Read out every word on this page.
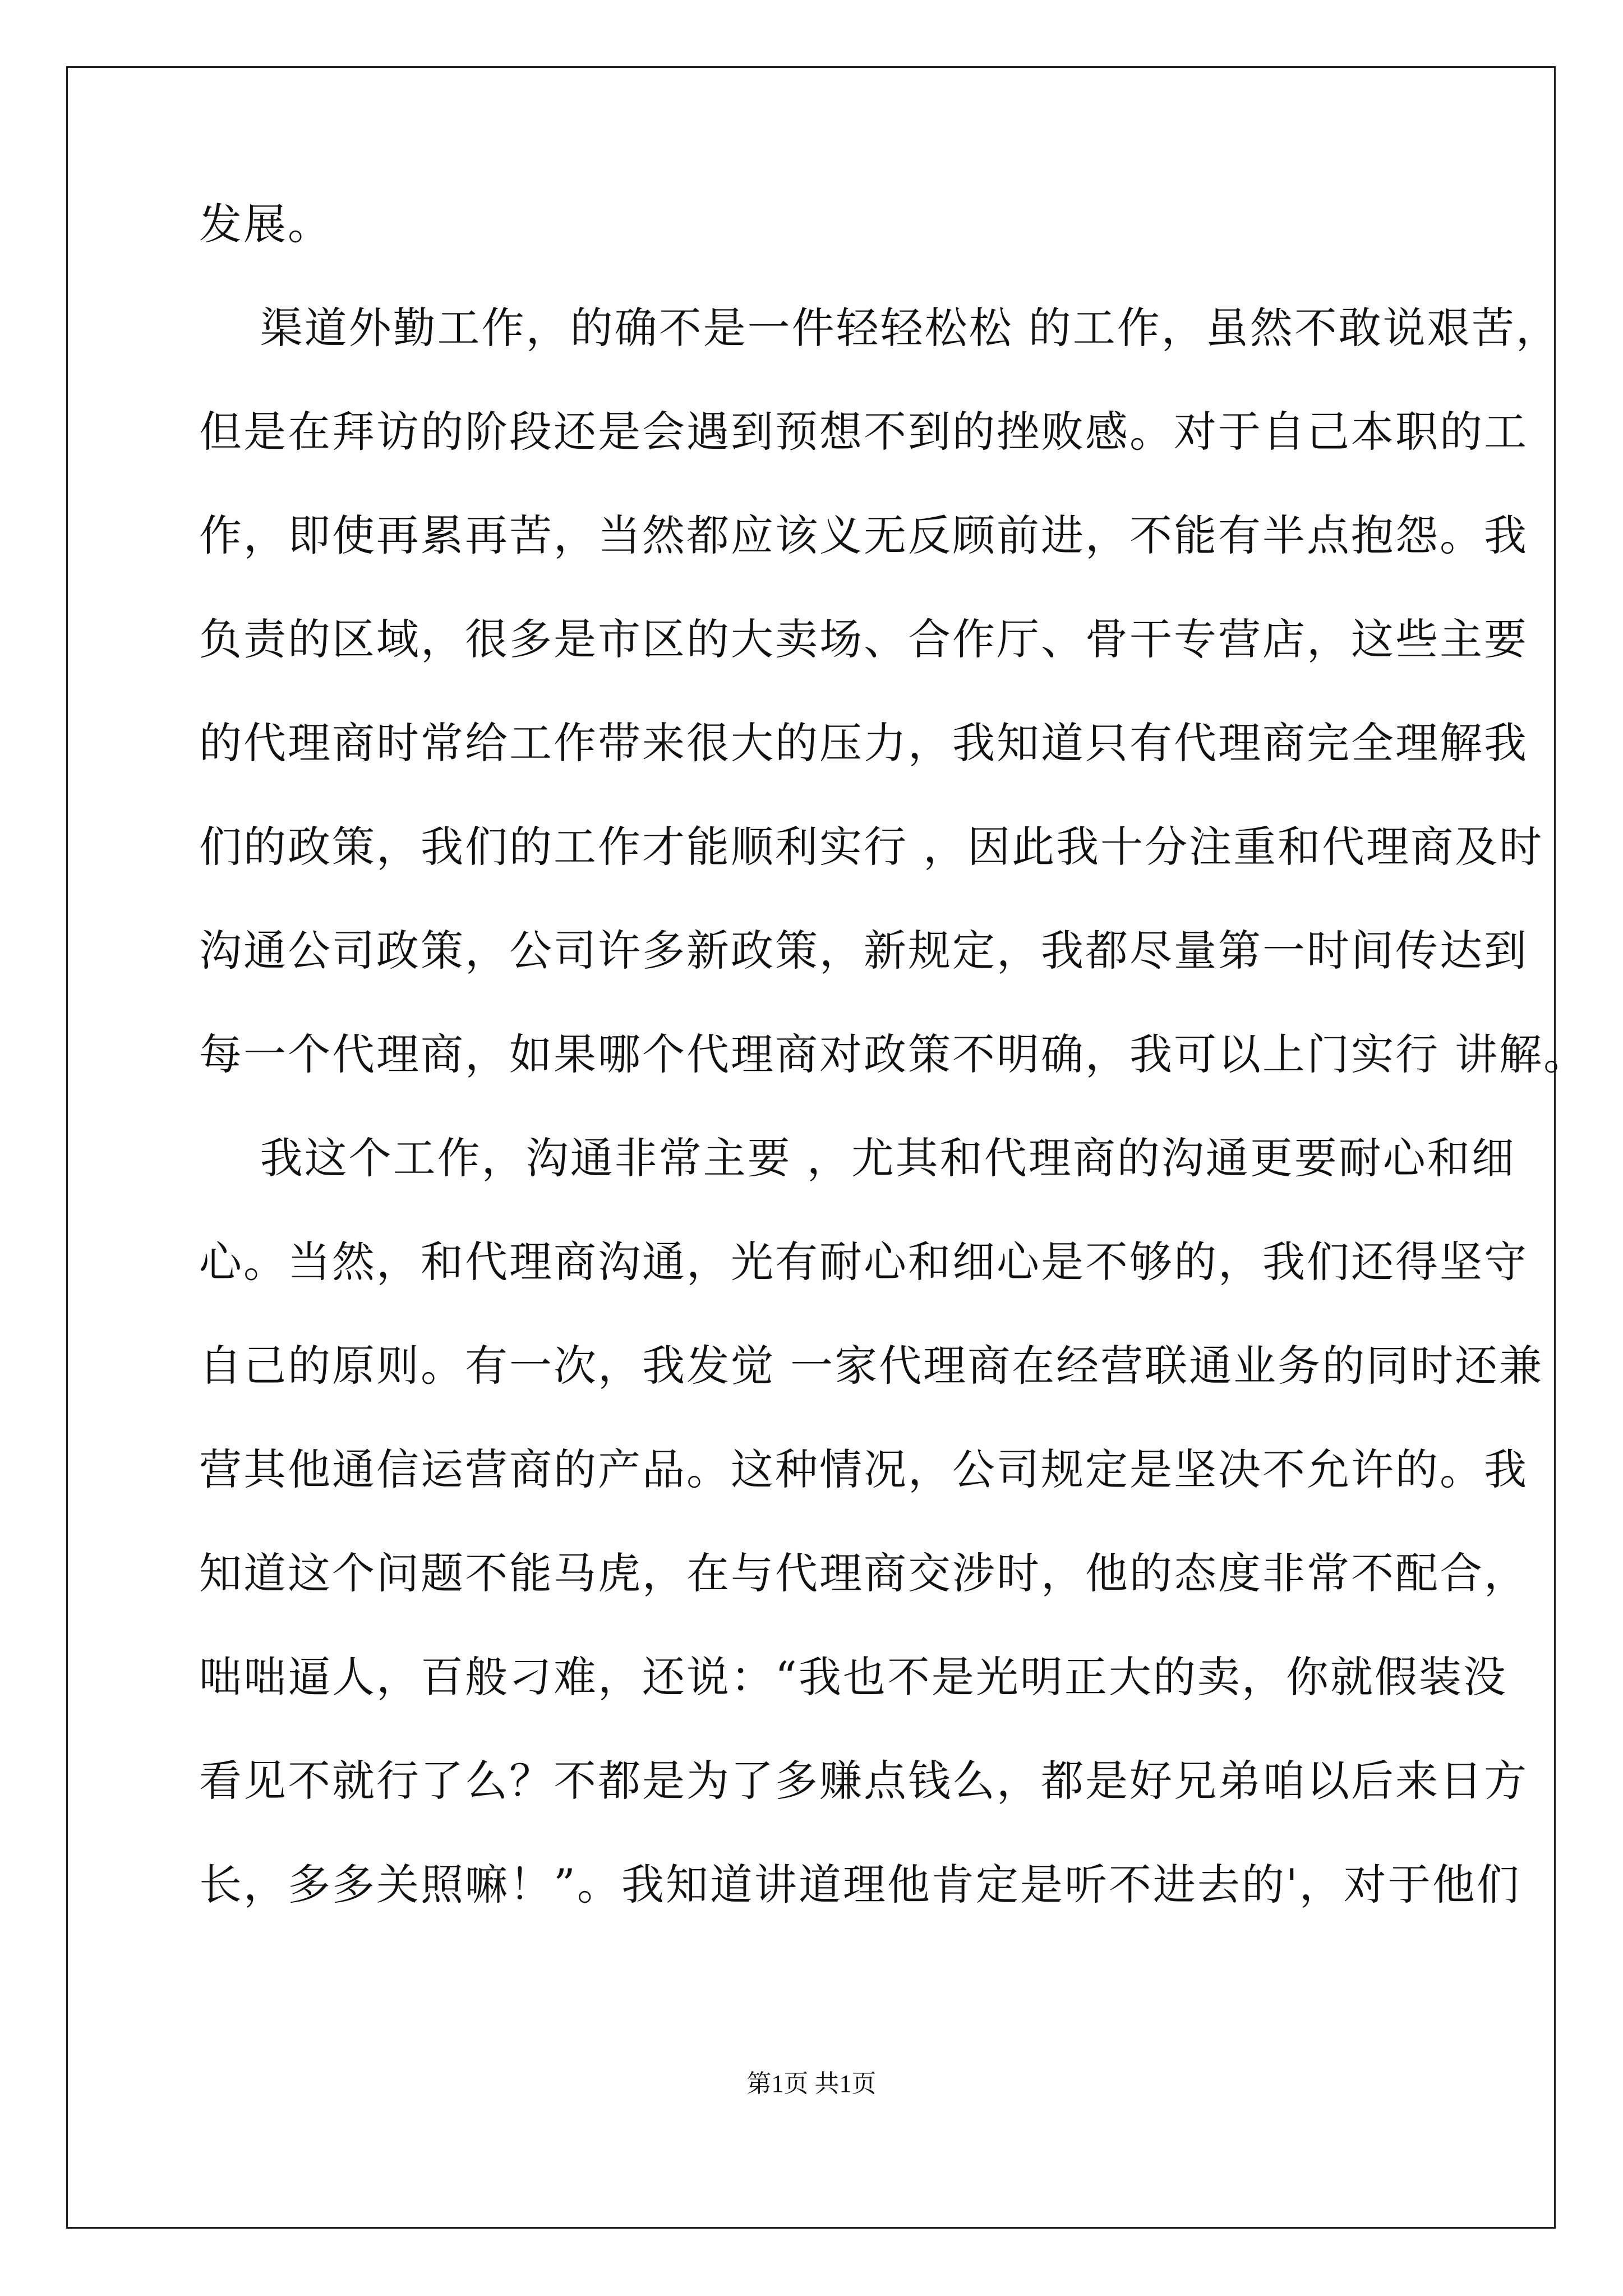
发展。
渠道外勤工作，的确不是一件轻轻松松 的工作，虽然不敢说艰苦，
但是在拜访的阶段还是会遇到预想不到的挫败感。对于自己本职的工
作，即使再累再苦，当然都应该义无反顾前进，不能有半点抱怨。我
负责的区域，很多是市区的大卖场、合作厅、骨干专营店，这些主要
的代理商时常给工作带来很大的压力，我知道只有代理商完全理解我
们的政策，我们的工作才能顺利实行 ，因此我十分注重和代理商及时
沟通公司政策，公司许多新政策，新规定，我都尽量第一时间传达到
每一个代理商，如果哪个代理商对政策不明确，我可以上门实行 讲解。
我这个工作，沟通非常主要 ，尤其和代理商的沟通更要耐心和细
心。当然，和代理商沟通，光有耐心和细心是不够的，我们还得坚守
自己的原则。有一次，我发觉 一家代理商在经营联通业务的同时还兼
营其他通信运营商的产品。这种情况，公司规定是坚决不允许的。我
知道这个问题不能马虎，在与代理商交涉时，他的态度非常不配合，
咄咄逼人，百般刁难，还说：“我也不是光明正大的卖，你就假装没
看见不就行了么？不都是为了多赚点钱么，都是好兄弟咱以后来日方
长，多多关照嘛！”。我知道讲道理他肯定是听不进去的'，对于他们
第1页 共1页
